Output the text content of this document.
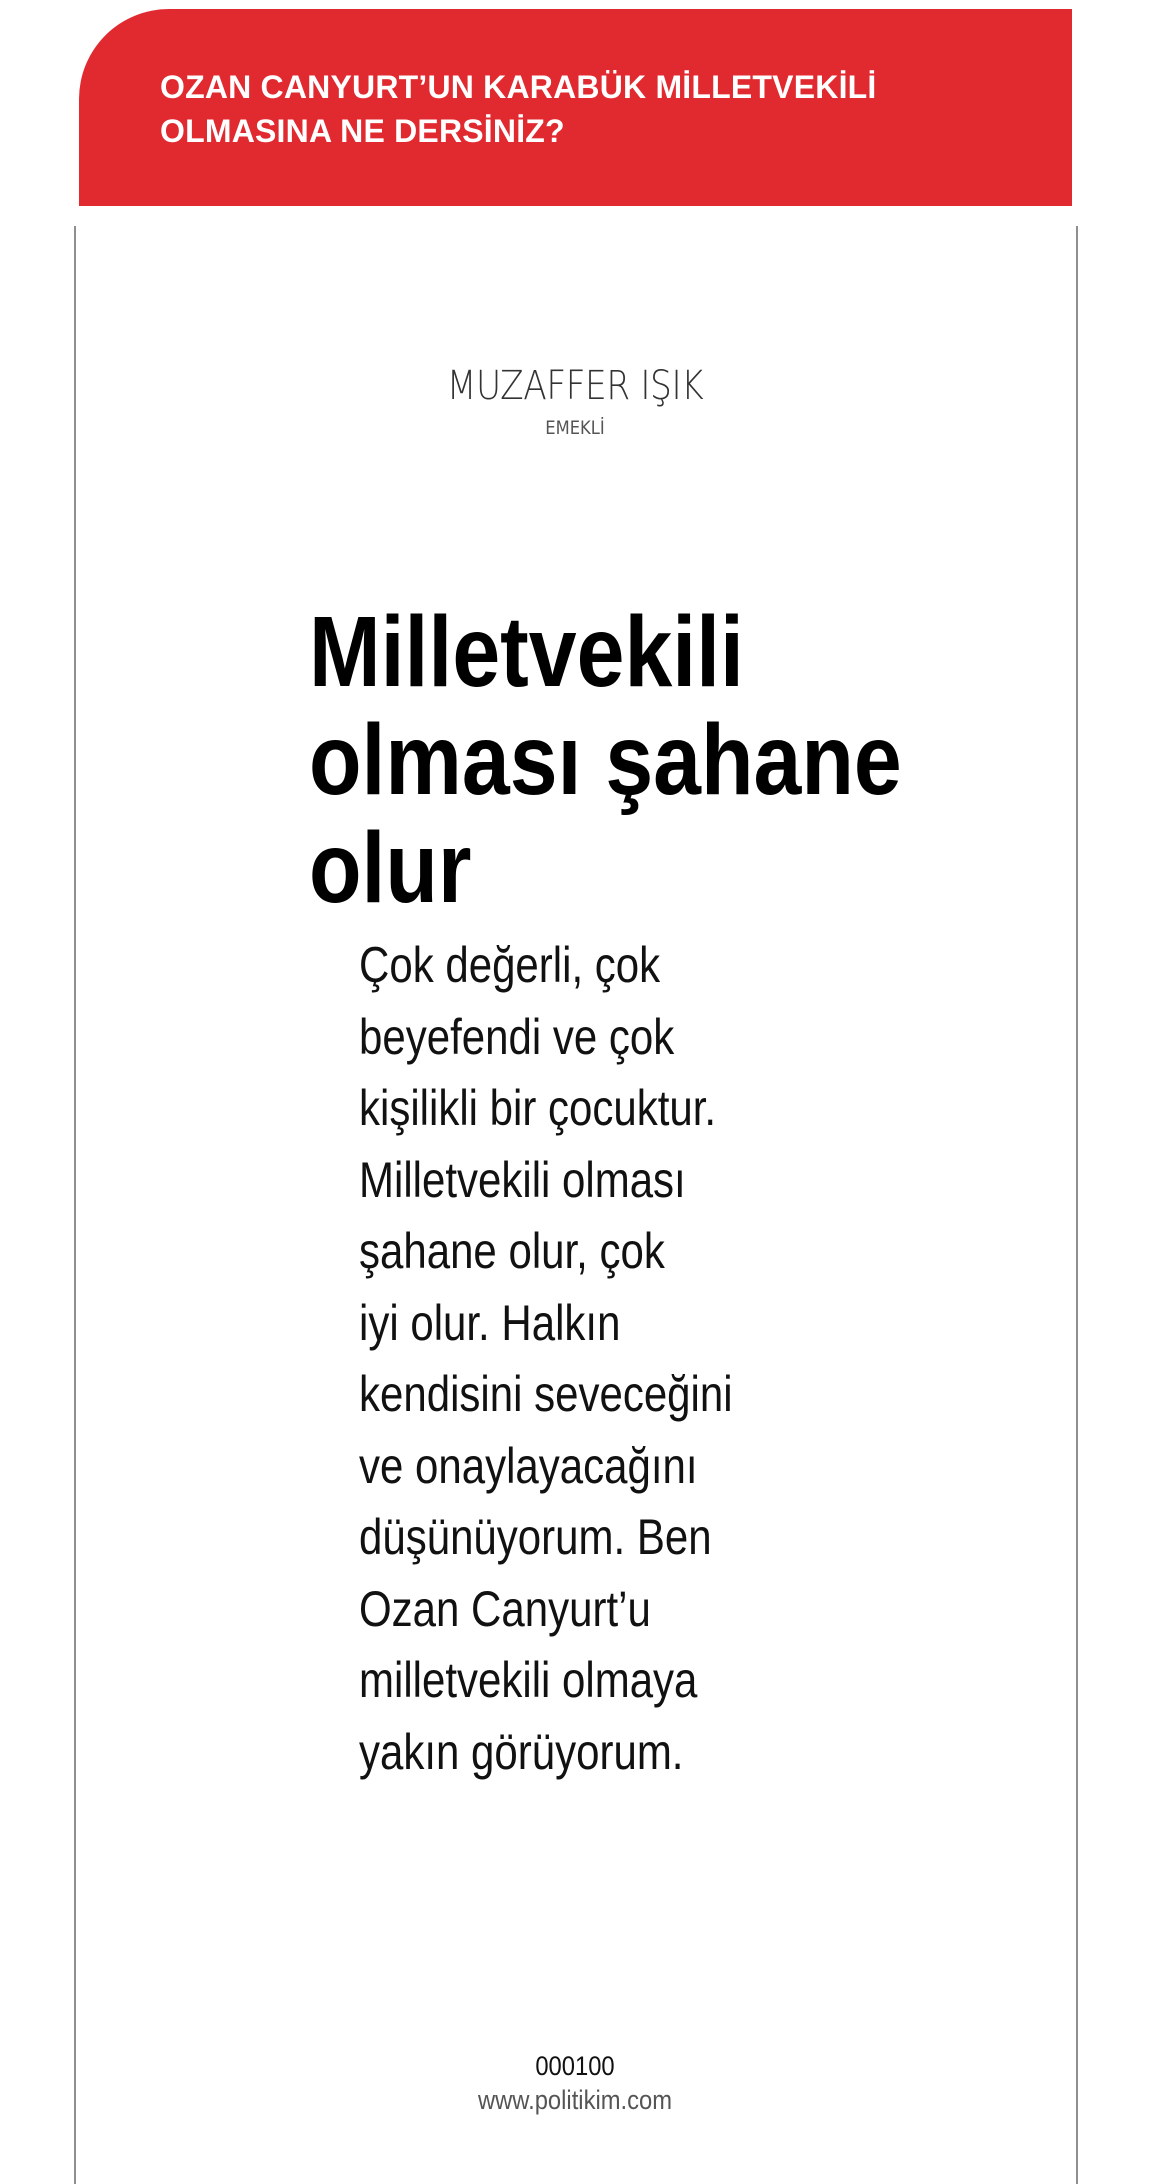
OZAN CANYURT’UN KARABÜK MİLLETVEKİLİ OLMASINA NE DERSİNİZ?

MUZAFFER IŞIK

EMEKLİ

Milletvekili olması şahane olur

Çok değerli, çok
beyefendi ve çok
kişilikli bir çocuktur.
Milletvekili olması
şahane olur, çok
iyi olur. Halkın
kendisini seveceğini
ve onaylayacağını
düşünüyorum. Ben
Ozan Canyurt’u
milletvekili olmaya
yakın görüyorum.

000100

www.politikim.com
